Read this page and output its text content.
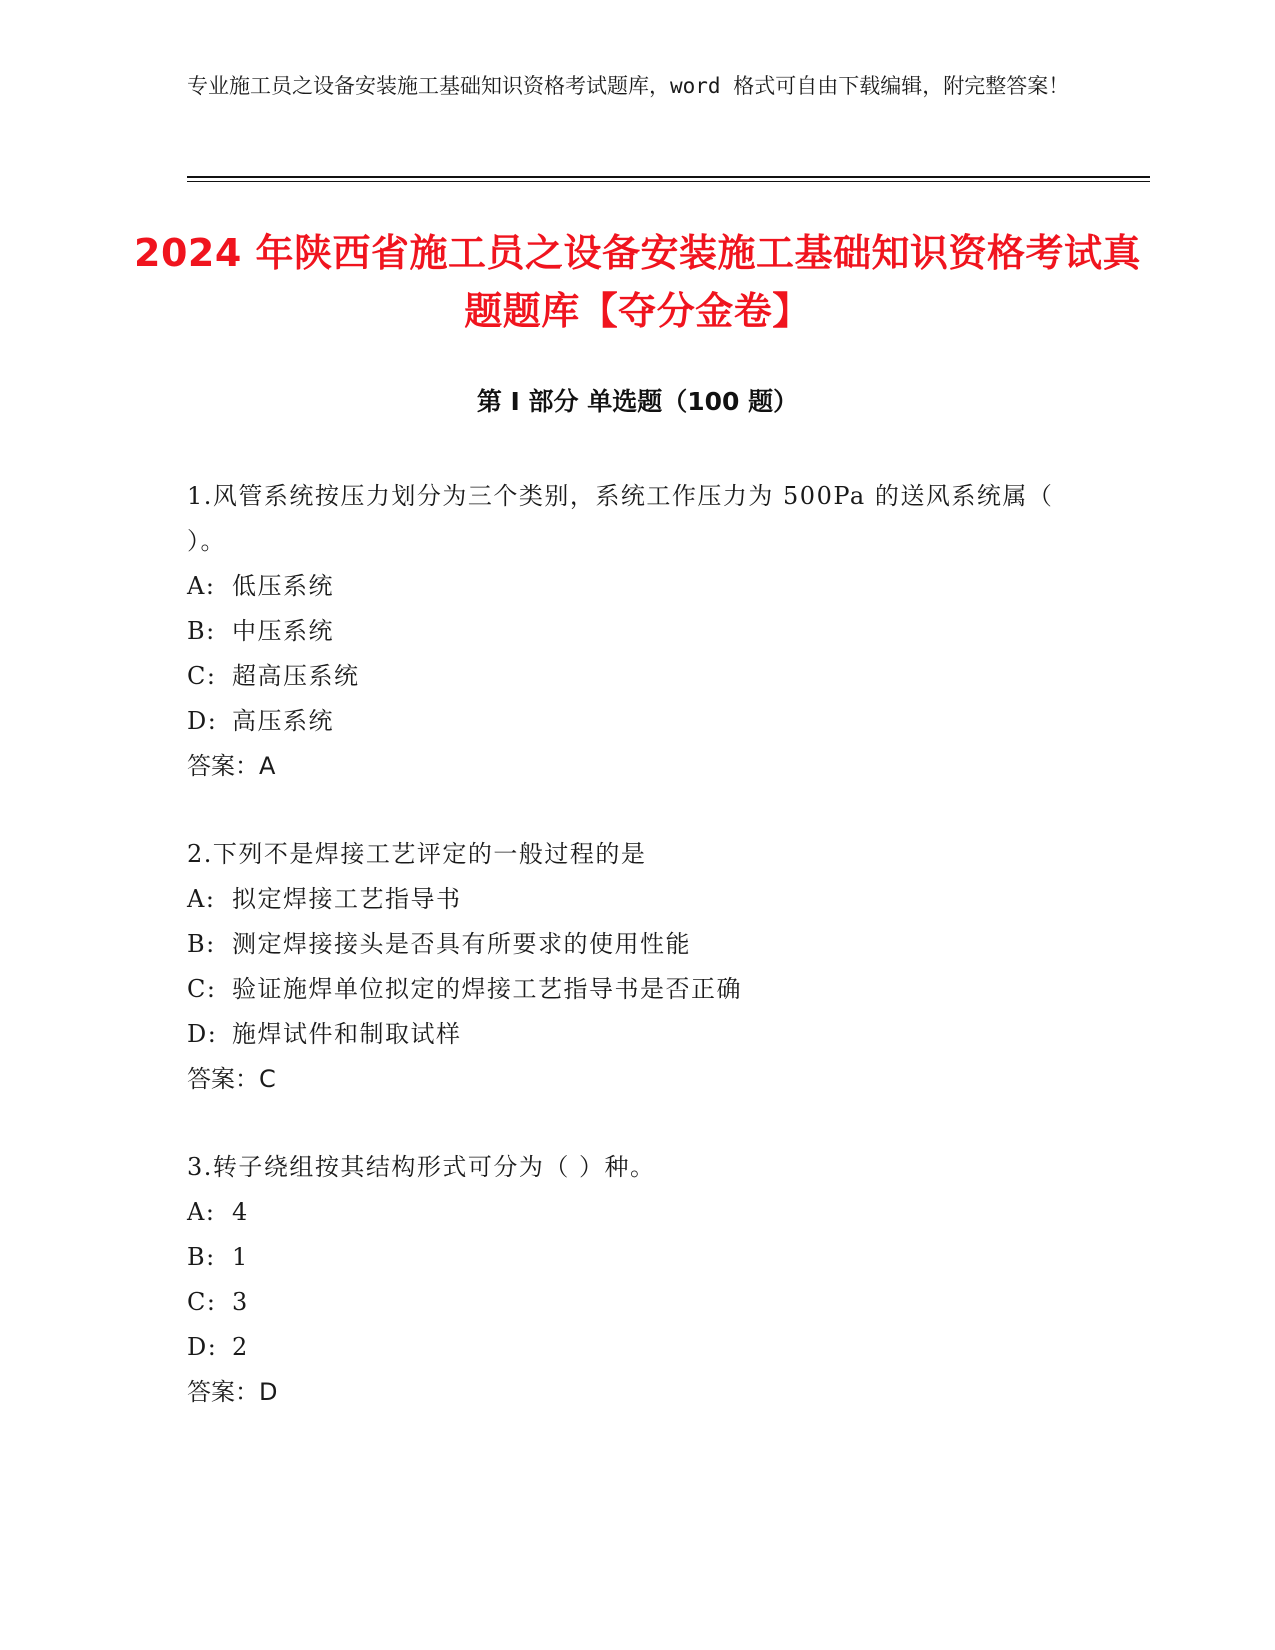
专业施工员之设备安装施工基础知识资格考试题库，word 格式可自由下载编辑，附完整答案！
2024 年陕西省施工员之设备安装施工基础知识资格考试真题题库【夺分金卷】
第 I 部分 单选题（100 题）

1.风管系统按压力划分为三个类别，系统工作压力为 500Pa 的送风系统属（ ）。

A: 低压系统

B: 中压系统

C: 超高压系统

D: 高压系统

答案：A

2.下列不是焊接工艺评定的一般过程的是

A: 拟定焊接工艺指导书

B: 测定焊接接头是否具有所要求的使用性能

C: 验证施焊单位拟定的焊接工艺指导书是否正确

D: 施焊试件和制取试样

答案：C

3.转子绕组按其结构形式可分为（ ）种。

A: 4

B: 1

C: 3

D: 2

答案：D
